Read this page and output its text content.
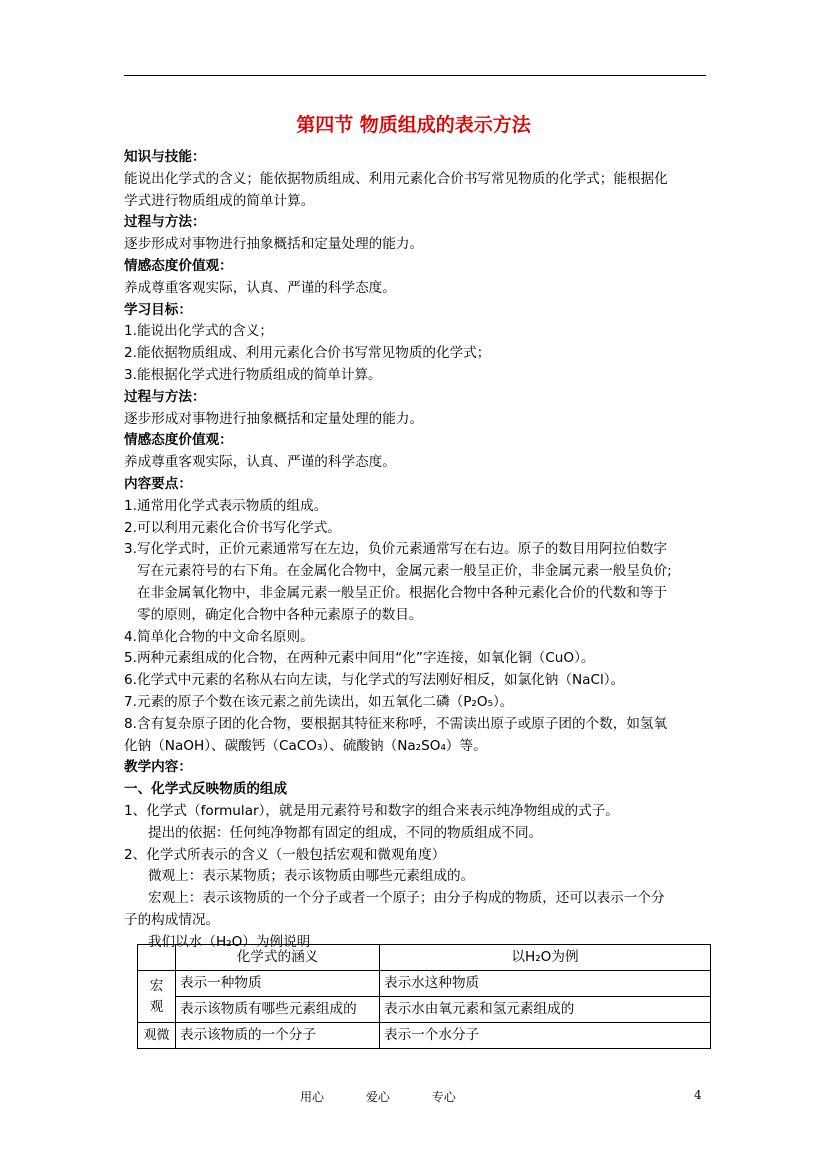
第四节 物质组成的表示方法
知识与技能：
能说出化学式的含义；能依据物质组成、利用元素化合价书写常见物质的化学式；能根据化
学式进行物质组成的简单计算。
过程与方法：
逐步形成对事物进行抽象概括和定量处理的能力。
情感态度价值观：
养成尊重客观实际，认真、严谨的科学态度。
学习目标：
1.能说出化学式的含义；
2.能依据物质组成、利用元素化合价书写常见物质的化学式；
3.能根据化学式进行物质组成的简单计算。
过程与方法：
逐步形成对事物进行抽象概括和定量处理的能力。
情感态度价值观：
养成尊重客观实际，认真、严谨的科学态度。
内容要点：
1.通常用化学式表示物质的组成。
2.可以利用元素化合价书写化学式。
3.写化学式时，正价元素通常写在左边，负价元素通常写在右边。原子的数目用阿拉伯数字
写在元素符号的右下角。在金属化合物中，金属元素一般呈正价，非金属元素一般呈负价;
在非金属氧化物中，非金属元素一般呈正价。根据化合物中各种元素化合价的代数和等于
零的原则，确定化合物中各种元素原子的数目。
4.简单化合物的中文命名原则。
5.两种元素组成的化合物，在两种元素中间用“化”字连接，如氧化铜（CuO）。
6.化学式中元素的名称从右向左读，与化学式的写法刚好相反，如氯化钠（NaCl）。
7.元素的原子个数在该元素之前先读出，如五氧化二磷（P₂O₅）。
8.含有复杂原子团的化合物，要根据其特征来称呼，不需读出原子或原子团的个数，如氢氧
化钠（NaOH）、碳酸钙（CaCO₃）、硫酸钠（Na₂SO₄）等。
教学内容：
一、化学式反映物质的组成
1、化学式（formular），就是用元素符号和数字的组合来表示纯净物组成的式子。
提出的依据：任何纯净物都有固定的组成，不同的物质组成不同。
2、化学式所表示的含义（一般包括宏观和微观角度）
微观上：表示某物质；表示该物质由哪些元素组成的。
宏观上：表示该物质的一个分子或者一个原子；由分子构成的物质，还可以表示一个分
子的构成情况。
我们以水（H₂O）为例说明
	化学式的涵义	以H₂O为例

宏观	表示一种物质	表示水这种物质
	表示该物质有哪些元素组成的	表示水由氧元素和氢元素组成的
观微	表示该物质的一个分子	表示一个水分子
用心	爱心	专心	4
